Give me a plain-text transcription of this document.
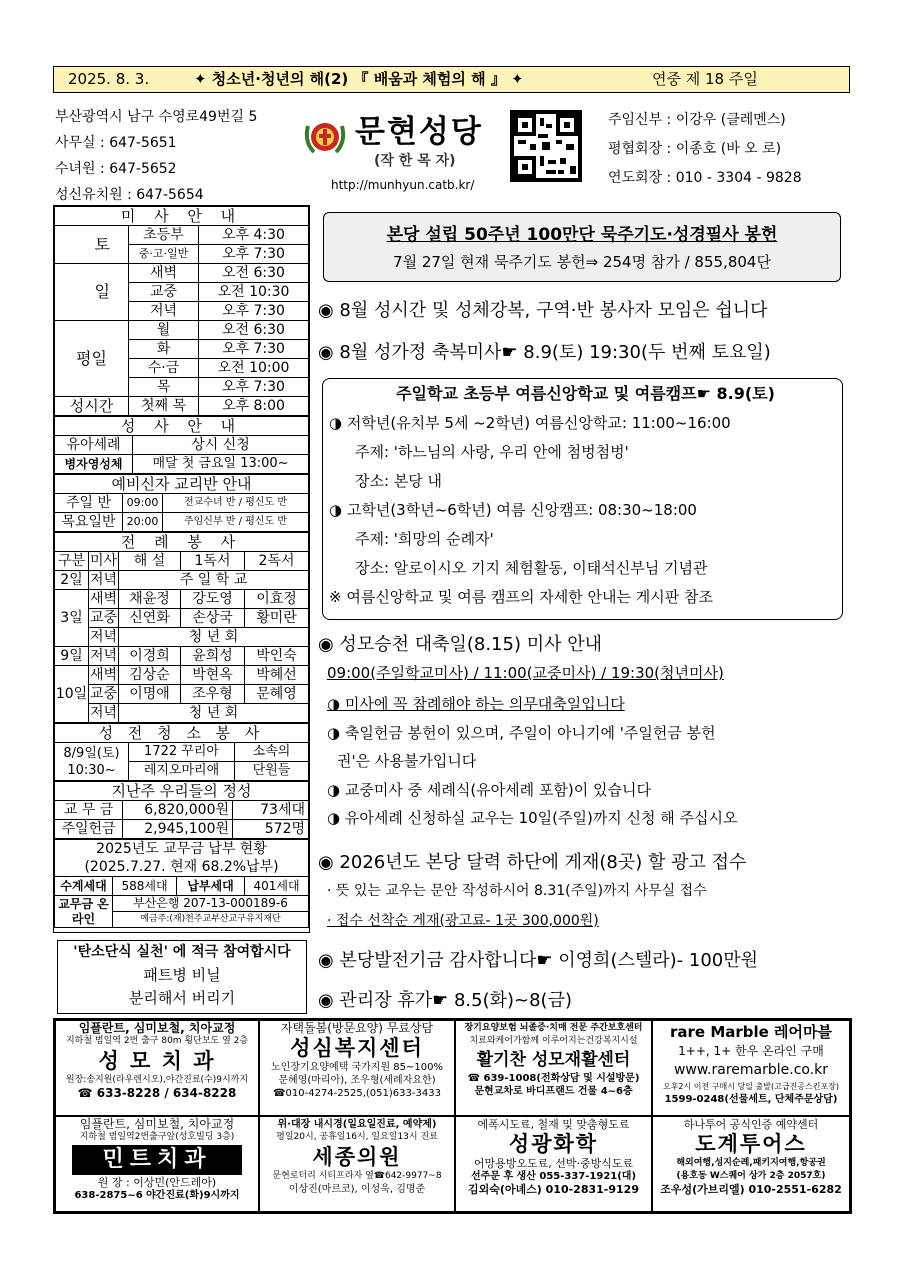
2025. 8. 3.	✦ 청소년·청년의 해(2) 『 배움과 체험의 해 』 ✦	연중 제 18 주일
부산광역시 남구 수영로49번길 5
사무실 : 647-5651
수녀원 : 647-5652
성신유치원 : 647-5654
문현성당
(작 한 목 자)
http://munhyun.catb.kr/
주임신부 : 이강우 (클레멘스)
평협회장 : 이종호 (바 오 로)
연도회장 : 010 - 3304 - 9828
미 사 안 내			
	토	초등부	오후 4:30
		중·고·일반	오후 7:30
	일	새벽	오전 6:30
		교중	오전 10:30
		저녁	오후 7:30
평일		월	오전 6:30
		화	오후 7:30
		수·금	오전 10:00
		목	오후 7:30
성시간		첫째 목	오후 8:00
성 사 안 내	
유아세례	상시 신청
병자영성체	매달 첫 금요일 13:00~
예비신자 교리반 안내		
주일 반	09:00	전교수녀 반 / 평신도 반
목요일반	20:00	주임신부 반 / 평신도 반
전 례 봉 사				
구분	미사	해 설	1독서	2독서
2일	저녁	주 일 학 교		
3일	새벽	채윤정	강도영	이효정
	교중	신연화	손상국	황미란
	저녁	청 년 회		
9일	저녁	이경희	윤희성	박인숙
10일	새벽	김상순	박현옥	박혜선
	교중	이명애	조우형	문혜영
	저녁	청 년 회		
성 전 청 소 봉 사		
8/9일(토) 10:30~	1722 꾸리아	소속의
	레지오마리애	단원들
지난주 우리들의 정성		
교 무 금	6,820,000원	73세대
주일헌금	2,945,100원	572명
2025년도 교무금 납부 현황			
(2025.7.27. 현재 68.2%납부)			
수계세대	588세대	납부세대	401세대
교무금 온라인	부산은행 207-13-000189-6		
	예금주:(재)천주교부산교구유지재단		
'탄소단식 실천' 에 적극 참여합시다
패트병 비닐
분리해서 버리기
본당 설립 50주년 100만단 묵주기도·성경필사 봉헌
7월 27일 현재 묵주기도 봉헌⇒ 254명 참가 / 855,804단
◉ 8월 성시간 및 성체강복, 구역·반 봉사자 모임은 쉽니다
◉ 8월 성가정 축복미사☛ 8.9(토) 19:30(두 번째 토요일)
주일학교 초등부 여름신앙학교 및 여름캠프☛ 8.9(토)
◑ 저학년(유치부 5세 ~2학년) 여름신앙학교: 11:00~16:00
주제: '하느님의 사랑, 우리 안에 첨벙첨벙'
장소: 본당 내
◑ 고학년(3학년~6학년) 여름 신앙캠프: 08:30~18:00
주제: '희망의 순례자'
장소: 알로이시오 기지 체험활동, 이태석신부님 기념관
※ 여름신앙학교 및 여름 캠프의 자세한 안내는 게시판 참조
◉ 성모승천 대축일(8.15) 미사 안내
09:00(주일학교미사) / 11:00(교중미사) / 19:30(청년미사)
◑ 미사에 꼭 참례해야 하는 의무대축일입니다
◑ 축일헌금 봉헌이 있으며, 주일이 아니기에 '주일헌금 봉헌
권'은 사용불가입니다
◑ 교중미사 중 세례식(유아세례 포함)이 있습니다
◑ 유아세례 신청하실 교우는 10일(주일)까지 신청 해 주십시오
◉ 2026년도 본당 달력 하단에 게재(8곳) 할 광고 접수
· 뜻 있는 교우는 문안 작성하시어 8.31(주일)까지 사무실 접수
· 접수 선착순 게재(광고료- 1곳 300,000원)
◉ 본당발전기금 감사합니다☛ 이영희(스텔라)- 100만원
◉ 관리장 휴가☛ 8.5(화)~8(금)
임플란트, 심미보철, 치아교정
지하철 범일역 2번 출구 80m 횡단보도 옆 2층
성 모 치 과
원장:송지원(라우렌시오),야간진료(수)9시까지
☎ 633-8228 / 634-8228
자택돌봄(방문요양) 무료상담
성심복지센터
노인장기요양예택 국가지원 85~100%
문혜영(마리아), 조우형(세례자요한)
☎010-4274-2525,(051)633-3433
장기요양보험 뇌졸증·치매 전문 주간보호센터
치료와케어가함께 이루어지는건강복지시설
활기찬 성모재활센터
☎ 639-1008(전화상담 및 시설방문)
문현교차로 바디프랜드 건물 4~6층
rare Marble 레어마블
1++, 1+ 한우 온라인 구매
www.raremarble.co.kr
오후2시 이전 구매시 당일 출발(고급진공스킨포장)
1599-0248(선물세트, 단체주문상담)
임플란트, 심미보철, 치아교정
지하철 범일역2번출구앞(성호빌딩 3층)
민트치과
원 장 : 이상민(안드레아)
638-2875~6 야간진료(화)9시까지
위·대장 내시경(일요일진료, 예약제)
평일20시, 공휴일16시, 일요일13시 진료
세종의원
문현로터리 시티프라자 옆☎642-9977~8
이상진(마르코), 이성욱, 김명준
에폭시도료, 철재 및 맞춤형도료
성광화학
어망용방오도료, 선박·중방식도료
선주문 후 생산 055-337-1921(대)
김외숙(아녜스) 010-2831-9129
하나투어 공식인증 예약센터
도계투어스
해외여행,성지순례,패키지여행,항공권
(용호동 W스퀘어 상가 2층 2057호)
조우성(가브리엘) 010-2551-6282
